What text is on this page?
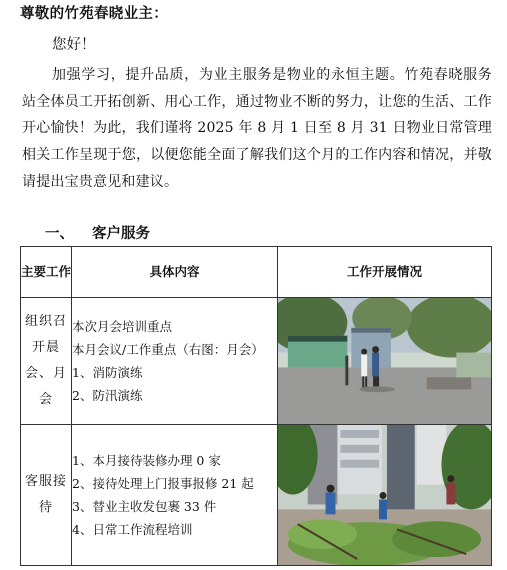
尊敬的竹苑春晓业主：
您好！

加强学习，提升品质，为业主服务是物业的永恒主题。竹苑春晓服务站全体员工开拓创新、用心工作，通过物业不断的努力，让您的生活、工作开心愉快！为此，我们谨将 2025 年 8 月 1 日至 8 月 31 日物业日常管理相关工作呈现于您，以便您能全面了解我们这个月的工作内容和情况，并敬请提出宝贵意见和建议。

一、 客户服务
主要工作	具体内容	工作开展情况
组织召开晨会、月会	本次月会培训重点
本月会议/工作重点（右图：月会）
1、消防演练
2、防汛演练

客服接待	1、本月接待装修办理 0 家
2、接待处理上门报事报修 21 起
3、替业主收发包裹 33 件
4、日常工作流程培训
